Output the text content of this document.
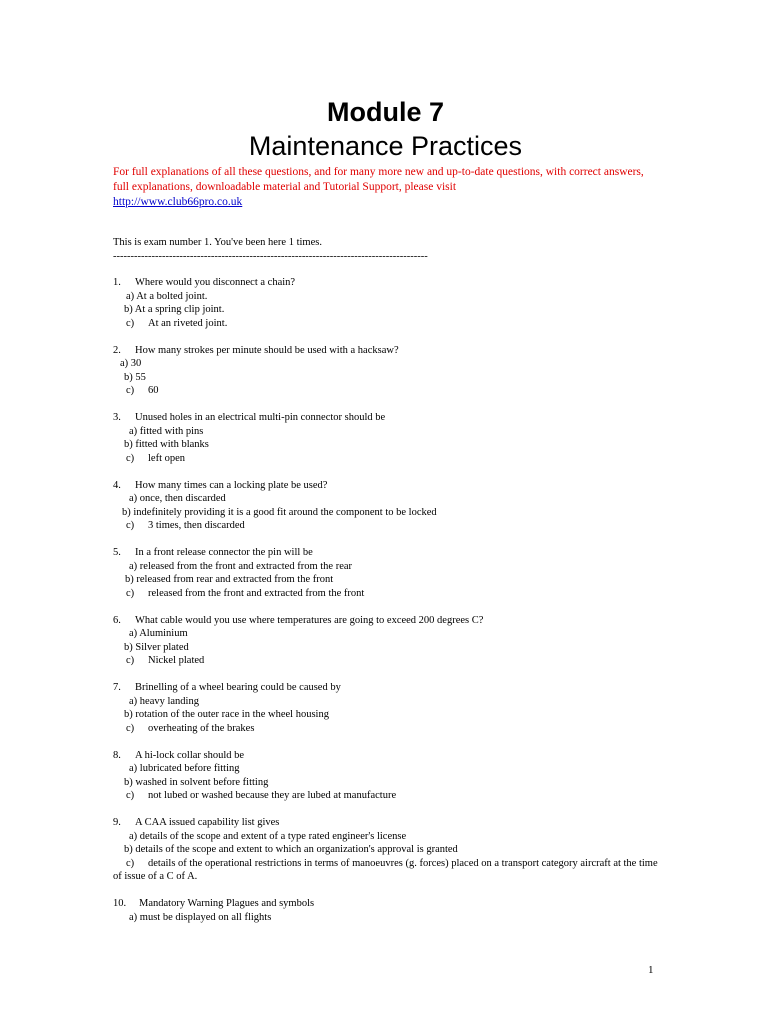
Module 7
Maintenance Practices
For full explanations of all these questions, and for many more new and up-to-date questions, with correct answers, full explanations, downloadable material and Tutorial Support, please visit
http://www.club66pro.co.uk
This is exam number 1. You've been here 1 times.
------------------------------------------------------------------------------------------
1.	Where would you disconnect a chain?
a) At a bolted joint.
b) At a spring clip joint.
c) At an riveted joint.
2.	How many strokes per minute should be used with a hacksaw?
a) 30
b) 55
c) 60
3.	Unused holes in an electrical multi-pin connector should be
a) fitted with pins
b) fitted with blanks
c) left open
4.	How many times can a locking plate be used?
a) once, then discarded
b) indefinitely providing it is a good fit around the component to be locked
c) 3 times, then discarded
5.	In a front release connector the pin will be
a) released from the front and extracted from the rear
b) released from rear and extracted from the front
c) released from the front and extracted from the front
6.	What cable would you use where temperatures are going to exceed 200 degrees C?
a) Aluminium
b) Silver plated
c) Nickel plated
7.	Brinelling of a wheel bearing could be caused by
a) heavy landing
b) rotation of the outer race in the wheel housing
c) overheating of the brakes
8.	A hi-lock collar should be
a) lubricated before fitting
b) washed in solvent before fitting
c) not lubed or washed because they are lubed at manufacture
9.	A CAA issued capability list gives
a) details of the scope and extent of a type rated engineer's license
b) details of the scope and extent to which an organization's approval is granted
c) details of the operational restrictions in terms of manoeuvres (g. forces) placed on a transport category aircraft at the time of issue of a C of A.
10.	Mandatory Warning Plagues and symbols
a) must be displayed on all flights
1
